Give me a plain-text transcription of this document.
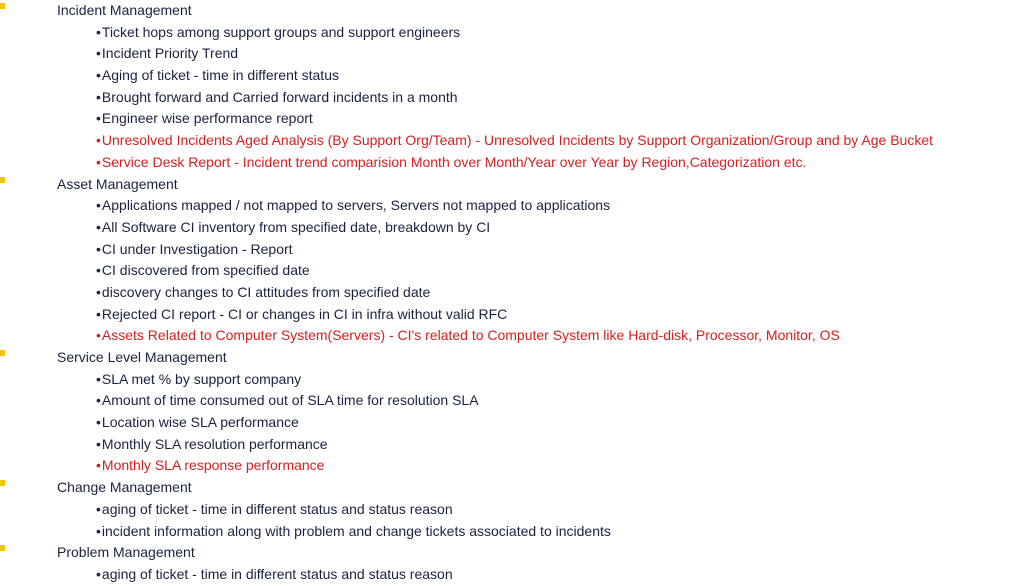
Incident Management
•Ticket hops among support groups and support engineers
•Incident Priority Trend
•Aging of ticket - time in different status
•Brought forward and Carried forward incidents in a month
•Engineer wise performance report
•Unresolved Incidents Aged Analysis (By Support Org/Team) - Unresolved Incidents by Support Organization/Group and by Age Bucket
•Service Desk Report - Incident trend comparision Month over Month/Year over Year by Region,Categorization etc.
Asset Management
•Applications mapped / not mapped to servers, Servers not mapped to applications
•All Software CI inventory from specified date, breakdown by CI
•CI under Investigation - Report
•CI discovered from specified date
•discovery changes to CI attitudes from specified date
•Rejected CI report - CI or changes in CI in infra without valid RFC
•Assets Related to Computer System(Servers) - CI's related to Computer System like Hard-disk, Processor, Monitor, OS
Service Level Management
•SLA met % by support company
•Amount of time consumed out of SLA time for resolution SLA
•Location wise SLA performance
•Monthly SLA resolution performance
•Monthly SLA response performance
Change Management
•aging of ticket - time in different status and status reason
•incident information along with problem and change tickets associated to incidents
Problem Management
•aging of ticket - time in different status and status reason
